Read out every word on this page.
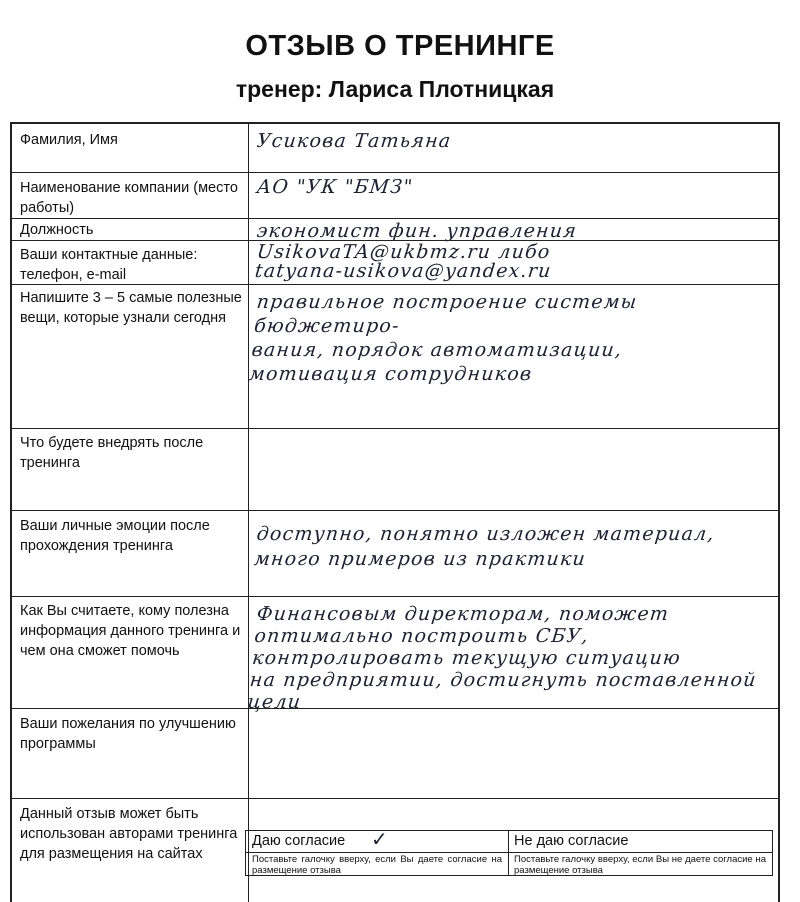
ОТЗЫВ О ТРЕНИНГЕ
тренер: Лариса Плотницкая
Фамилия, Имя
Наименование компании (место работы)
Должность
Ваши контактные данные: телефон, e-mail
Напишите 3 – 5 самые полезные вещи, которые узнали сегодня
Что будете внедрять после тренинга
Ваши личные эмоции после прохождения тренинга
Как Вы считаете, кому полезна информация данного тренинга и чем она сможет помочь
Ваши пожелания по улучшению программы
Данный отзыв может быть использован авторами тренинга для размещения на сайтах
Усикова Татьяна
АО "УК "БМЗ"
экономист фин. управления
UsikovaTA@ukbmz.ru либо
tatyana-usikova@yandex.ru
правильное построение системы бюджетиро-
вания, порядок автоматизации,
мотивация сотрудников
доступно, понятно изложен материал,
много примеров из практики
Финансовым директорам, поможет
оптимально построить СБУ,
контролировать текущую ситуацию
на предприятии, достигнуть поставленной
цели
Даю согласие ✓
Поставьте галочку вверху, если Вы даете согласие на размещение отзыва
Не даю согласие
Поставьте галочку вверху, если Вы не даете согласие на размещение отзыва
